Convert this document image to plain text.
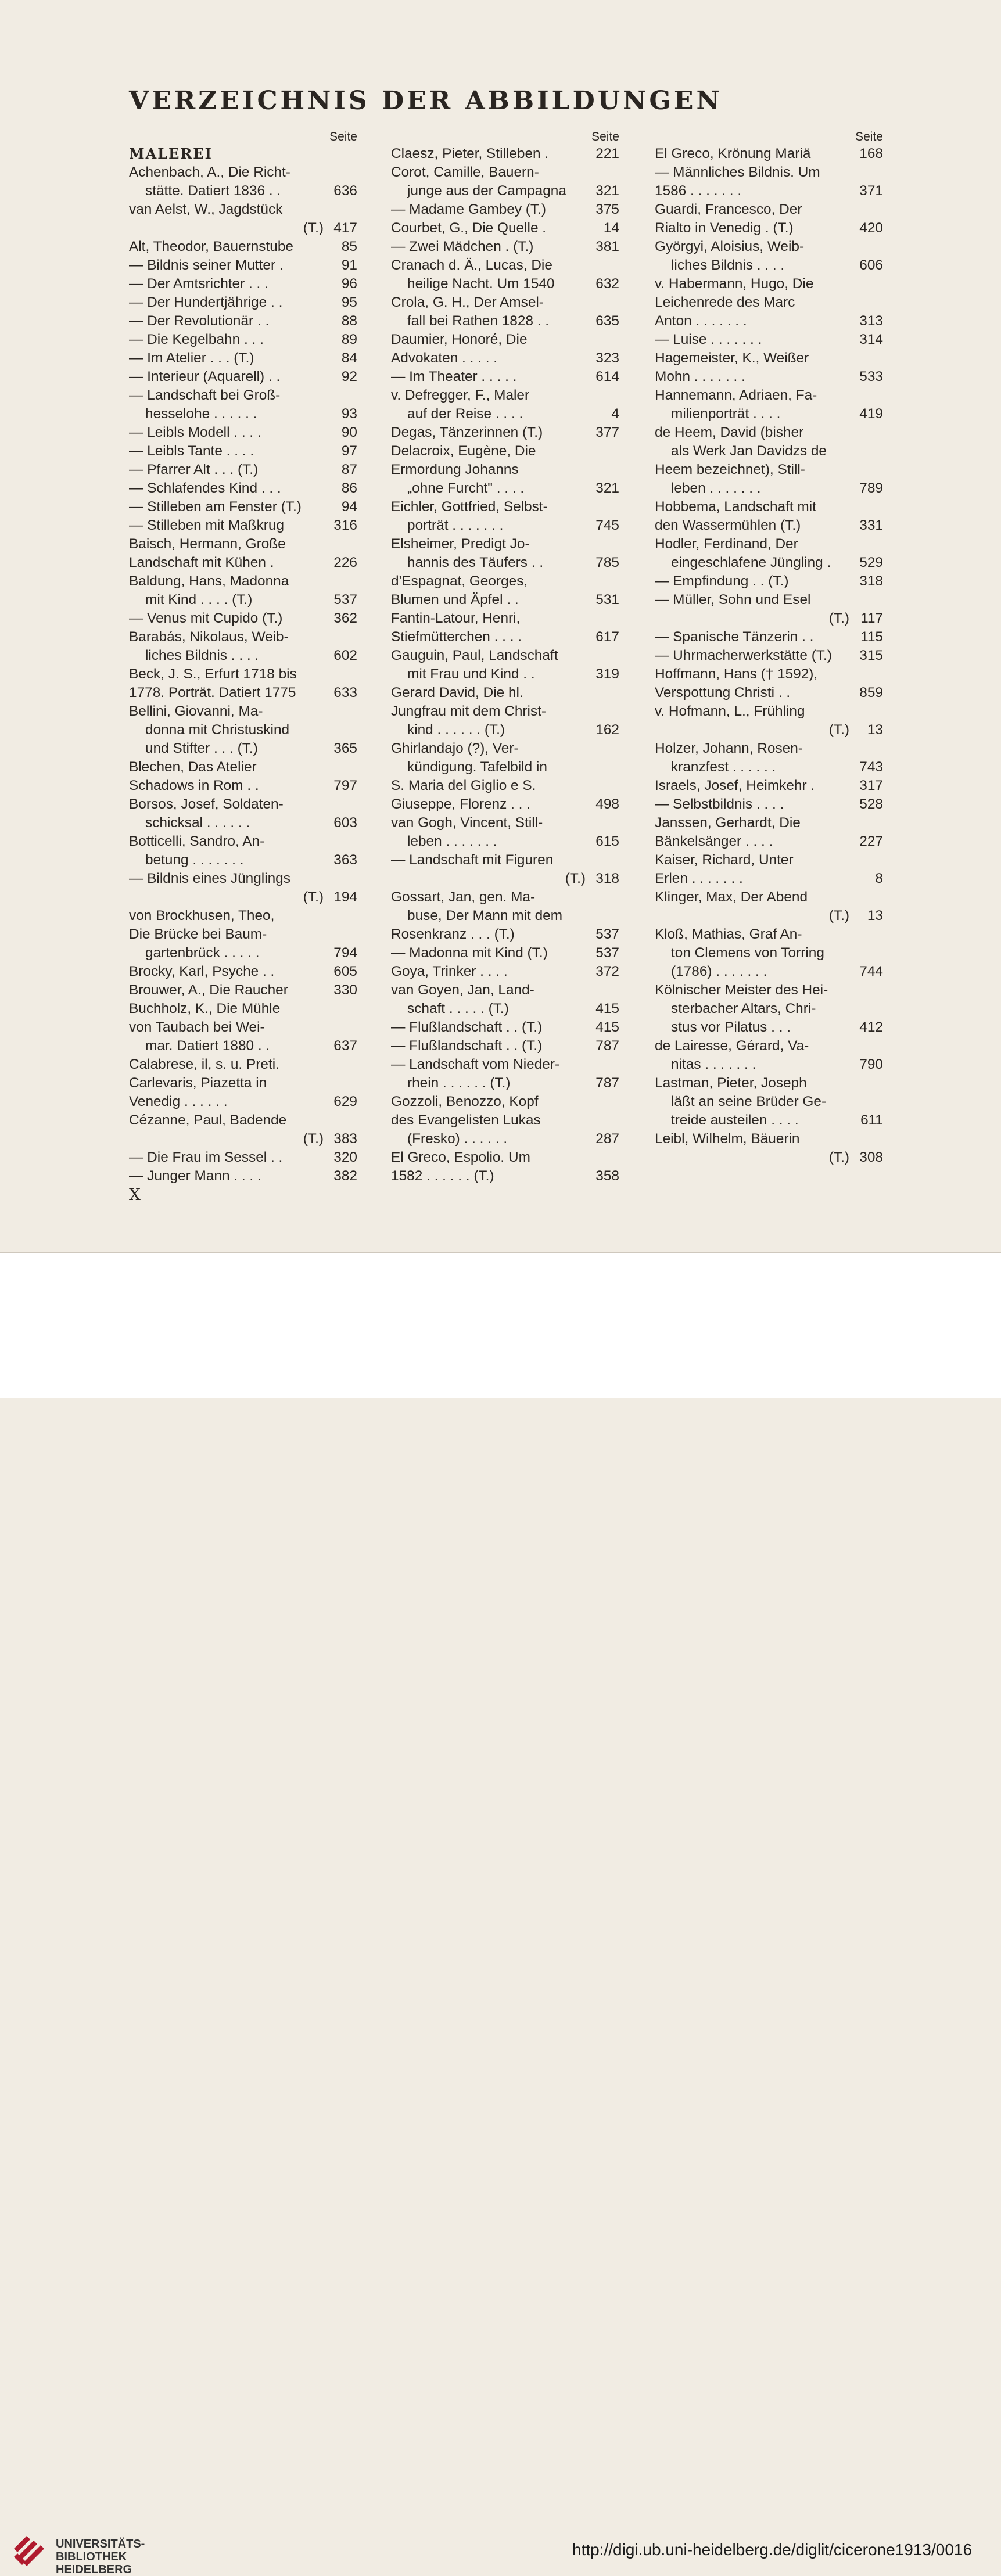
VERZEICHNIS DER ABBILDUNGEN
Seite
MALEREI
Achenbach, A., Die Richt-
stätte. Datiert 1836 . .	636
van Aelst, W., Jagdstück
(T.) 417
Alt, Theodor, Bauernstube	85
— Bildnis seiner Mutter .	91
— Der Amtsrichter . . .	96
— Der Hundertjährige . .	95
— Der Revolutionär . .	88
— Die Kegelbahn . . .	89
— Im Atelier . . . (T.)	84
— Interieur (Aquarell) . .	92
— Landschaft bei Groß-
hesselohe . . . . . .	93
— Leibls Modell . . . .	90
— Leibls Tante . . . .	97
— Pfarrer Alt . . . (T.)	87
— Schlafendes Kind . . .	86
— Stilleben am Fenster (T.)	94
— Stilleben mit Maßkrug	316
Baisch, Hermann, Große
Landschaft mit Kühen .	226
Baldung, Hans, Madonna
mit Kind . . . . (T.)	537
— Venus mit Cupido (T.)	362
Barabás, Nikolaus, Weib-
liches Bildnis . . . .	602
Beck, J. S., Erfurt 1718 bis
1778. Porträt. Datiert 1775	633
Bellini, Giovanni, Ma-
donna mit Christuskind
und Stifter . . . (T.)	365
Blechen, Das Atelier
Schadows in Rom . .	797
Borsos, Josef, Soldaten-
schicksal . . . . . .	603
Botticelli, Sandro, An-
betung . . . . . . .	363
— Bildnis eines Jünglings
(T.) 194
von Brockhusen, Theo,
Die Brücke bei Baum-
gartenbrück . . . . .	794
Brocky, Karl, Psyche . .	605
Brouwer, A., Die Raucher	330
Buchholz, K., Die Mühle
von Taubach bei Wei-
mar. Datiert 1880 . .	637
Calabrese, il, s. u. Preti.
Carlevaris, Piazetta in
Venedig . . . . . .	629
Cézanne, Paul, Badende
(T.) 383
— Die Frau im Sessel . .	320
— Junger Mann . . . .	382
Seite
Claesz, Pieter, Stilleben .	221
Corot, Camille, Bauern-
junge aus der Campagna	321
— Madame Gambey (T.)	375
Courbet, G., Die Quelle .	14
— Zwei Mädchen . (T.)	381
Cranach d. Ä., Lucas, Die
heilige Nacht. Um 1540	632
Crola, G. H., Der Amsel-
fall bei Rathen 1828 . .	635
Daumier, Honoré, Die
Advokaten . . . . .	323
— Im Theater . . . . .	614
v. Defregger, F., Maler
auf der Reise . . . .	4
Degas, Tänzerinnen (T.)	377
Delacroix, Eugène, Die
Ermordung Johanns
„ohne Furcht" . . . .	321
Eichler, Gottfried, Selbst-
porträt . . . . . . .	745
Elsheimer, Predigt Jo-
hannis des Täufers . .	785
d'Espagnat, Georges,
Blumen und Äpfel . .	531
Fantin-Latour, Henri,
Stiefmütterchen . . . .	617
Gauguin, Paul, Landschaft
mit Frau und Kind . .	319
Gerard David, Die hl.
Jungfrau mit dem Christ-
kind . . . . . . (T.)	162
Ghirlandajo (?), Ver-
kündigung. Tafelbild in
S. Maria del Giglio e S.
Giuseppe, Florenz . . .	498
van Gogh, Vincent, Still-
leben . . . . . . .	615
— Landschaft mit Figuren
(T.) 318
Gossart, Jan, gen. Ma-
buse, Der Mann mit dem
Rosenkranz . . . (T.)	537
— Madonna mit Kind (T.)	537
Goya, Trinker . . . .	372
van Goyen, Jan, Land-
schaft . . . . . (T.)	415
— Flußlandschaft . . (T.)	415
— Flußlandschaft . . (T.)	787
— Landschaft vom Nieder-
rhein . . . . . . (T.)	787
Gozzoli, Benozzo, Kopf
des Evangelisten Lukas
(Fresko) . . . . . .	287
El Greco, Espolio. Um
1582 . . . . . . (T.)	358
Seite
El Greco, Krönung Mariä	168
— Männliches Bildnis. Um
1586 . . . . . . .	371
Guardi, Francesco, Der
Rialto in Venedig . (T.)	420
Györgyi, Aloisius, Weib-
liches Bildnis . . . .	606
v. Habermann, Hugo, Die
Leichenrede des Marc
Anton . . . . . . .	313
— Luise . . . . . . .	314
Hagemeister, K., Weißer
Mohn . . . . . . .	533
Hannemann, Adriaen, Fa-
milienporträt . . . .	419
de Heem, David (bisher
als Werk Jan Davidzs de
Heem bezeichnet), Still-
leben . . . . . . .	789
Hobbema, Landschaft mit
den Wassermühlen (T.)	331
Hodler, Ferdinand, Der
eingeschlafene Jüngling .	529
— Empfindung . . (T.)	318
— Müller, Sohn und Esel
(T.) 117
— Spanische Tänzerin . .	115
— Uhrmacherwerkstätte (T.)	315
Hoffmann, Hans († 1592),
Verspottung Christi . .	859
v. Hofmann, L., Frühling
(T.) 13
Holzer, Johann, Rosen-
kranzfest . . . . . .	743
Israels, Josef, Heimkehr .	317
— Selbstbildnis . . . .	528
Janssen, Gerhardt, Die
Bänkelsänger . . . .	227
Kaiser, Richard, Unter
Erlen . . . . . . .	8
Klinger, Max, Der Abend
(T.) 13
Kloß, Mathias, Graf An-
ton Clemens von Torring
(1786) . . . . . . .	744
Kölnischer Meister des Hei-
sterbacher Altars, Chri-
stus vor Pilatus . . .	412
de Lairesse, Gérard, Va-
nitas . . . . . . .	790
Lastman, Pieter, Joseph
läßt an seine Brüder Ge-
treide austeilen . . . .	611
Leibl, Wilhelm, Bäuerin
(T.) 308
X
UNIVERSITÄTS-
BIBLIOTHEK
HEIDELBERG
http://digi.ub.uni-heidelberg.de/diglit/cicerone1913/0016
